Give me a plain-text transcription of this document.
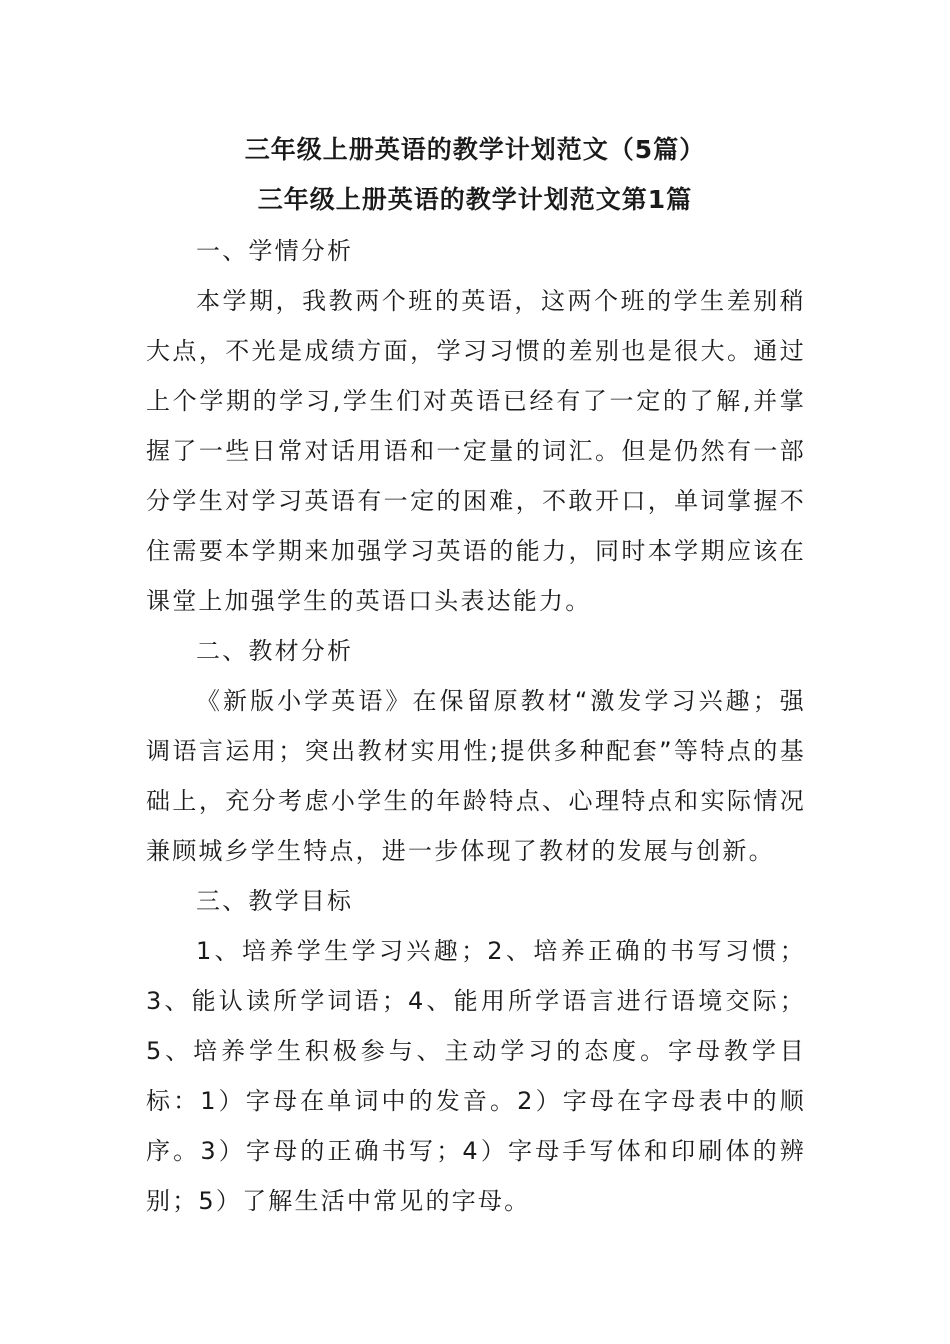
三年级上册英语的教学计划范文（5篇）
三年级上册英语的教学计划范文第1篇

一、学情分析

本学期，我教两个班的英语，这两个班的学生差别稍大点，不光是成绩方面，学习习惯的差别也是很大。通过上个学期的学习,学生们对英语已经有了一定的了解,并掌握了一些日常对话用语和一定量的词汇。但是仍然有一部分学生对学习英语有一定的困难，不敢开口，单词掌握不住需要本学期来加强学习英语的能力，同时本学期应该在课堂上加强学生的英语口头表达能力。

二、教材分析

《新版小学英语》在保留原教材“激发学习兴趣；强调语言运用；突出教材实用性;提供多种配套”等特点的基础上，充分考虑小学生的年龄特点、心理特点和实际情况兼顾城乡学生特点，进一步体现了教材的发展与创新。

三、教学目标

1、培养学生学习兴趣；2、培养正确的书写习惯；3、能认读所学词语；4、能用所学语言进行语境交际；5、培养学生积极参与、主动学习的态度。字母教学目标：1）字母在单词中的发音。2）字母在字母表中的顺序。3）字母的正确书写；4）字母手写体和印刷体的辨别；5）了解生活中常见的字母。
